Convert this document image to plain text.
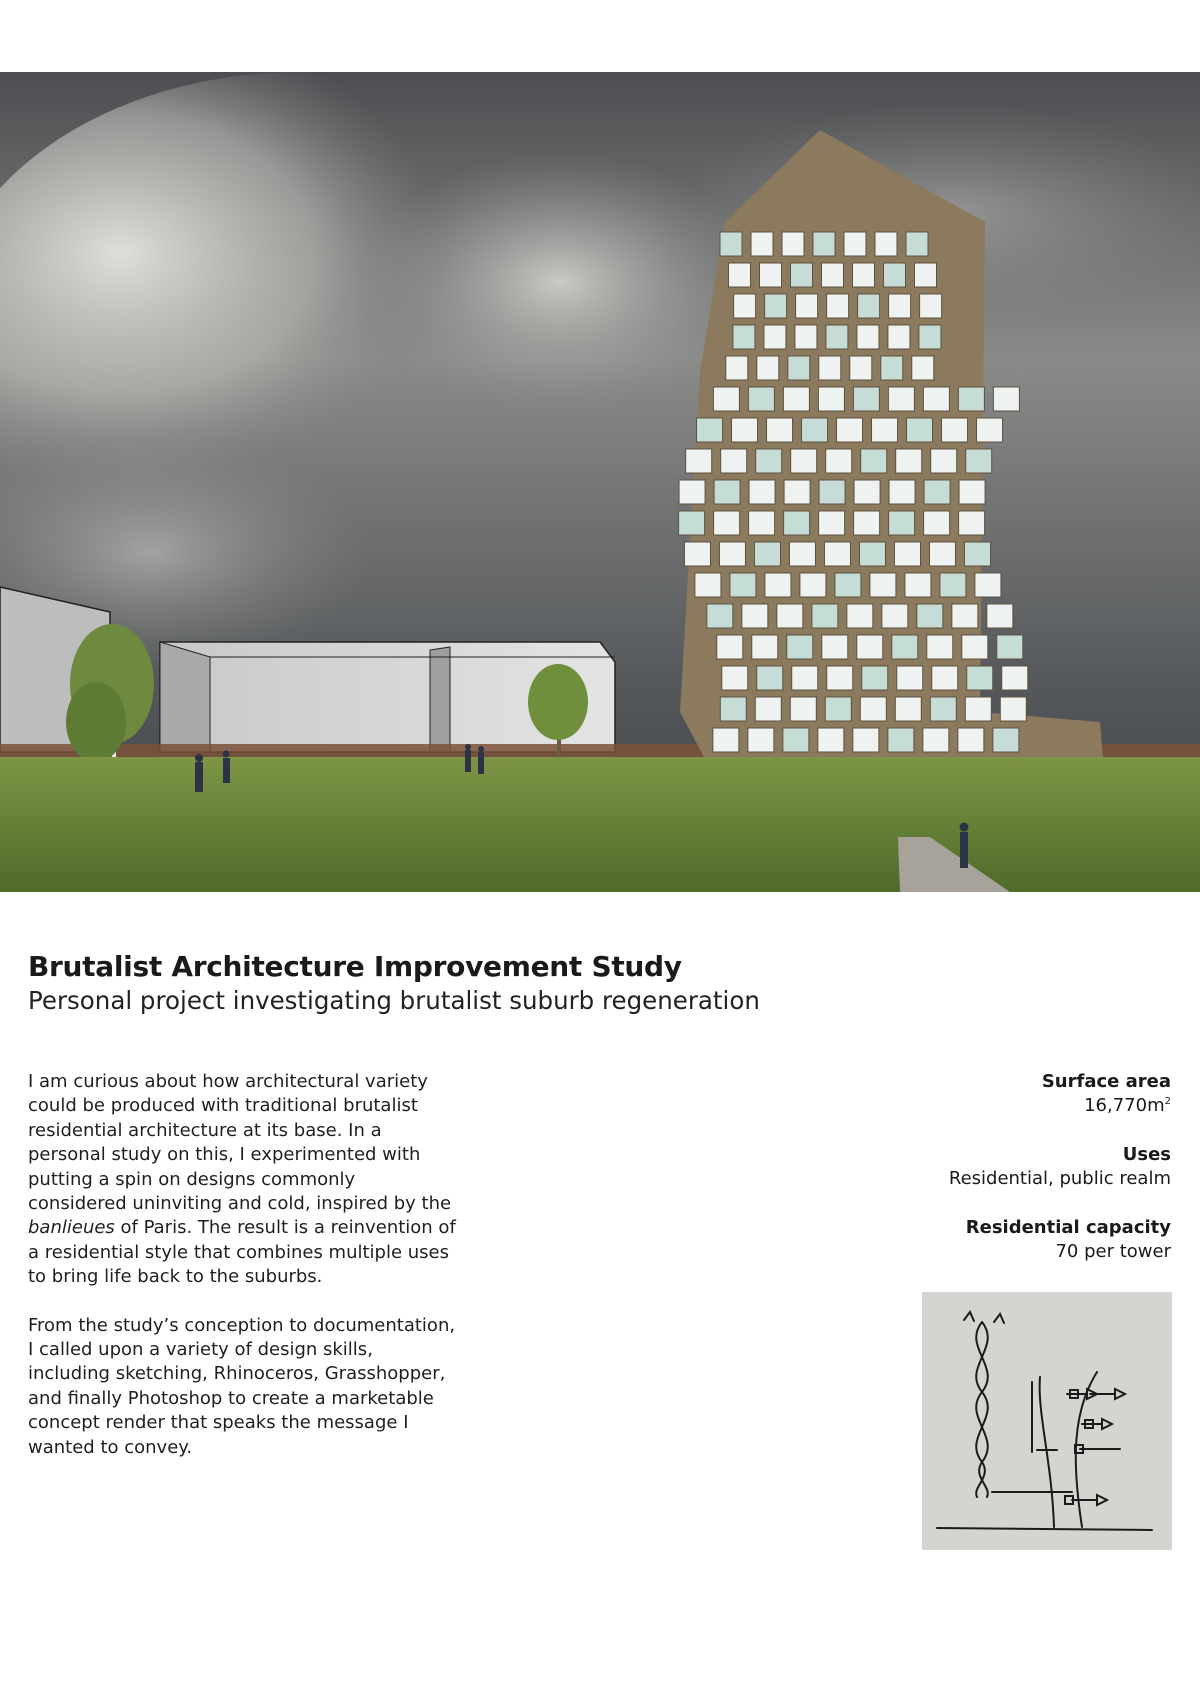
Brutalist Architecture Improvement Study
Personal project investigating brutalist suburb regeneration

I am curious about how architectural variety could be produced with traditional brutalist residential architecture at its base. In a personal study on this, I experimented with putting a spin on designs commonly considered uninviting and cold, inspired by the banlieues of Paris. The result is a reinvention of a residential style that combines multiple uses to bring life back to the suburbs.

From the study’s conception to documentation, I called upon a variety of design skills, including sketching, Rhinoceros, Grasshopper, and finally Photoshop to create a marketable concept render that speaks the message I wanted to convey.

Surface area
$16,770m^2$
Uses
Residential, public realm
Residential capacity
70 per tower
